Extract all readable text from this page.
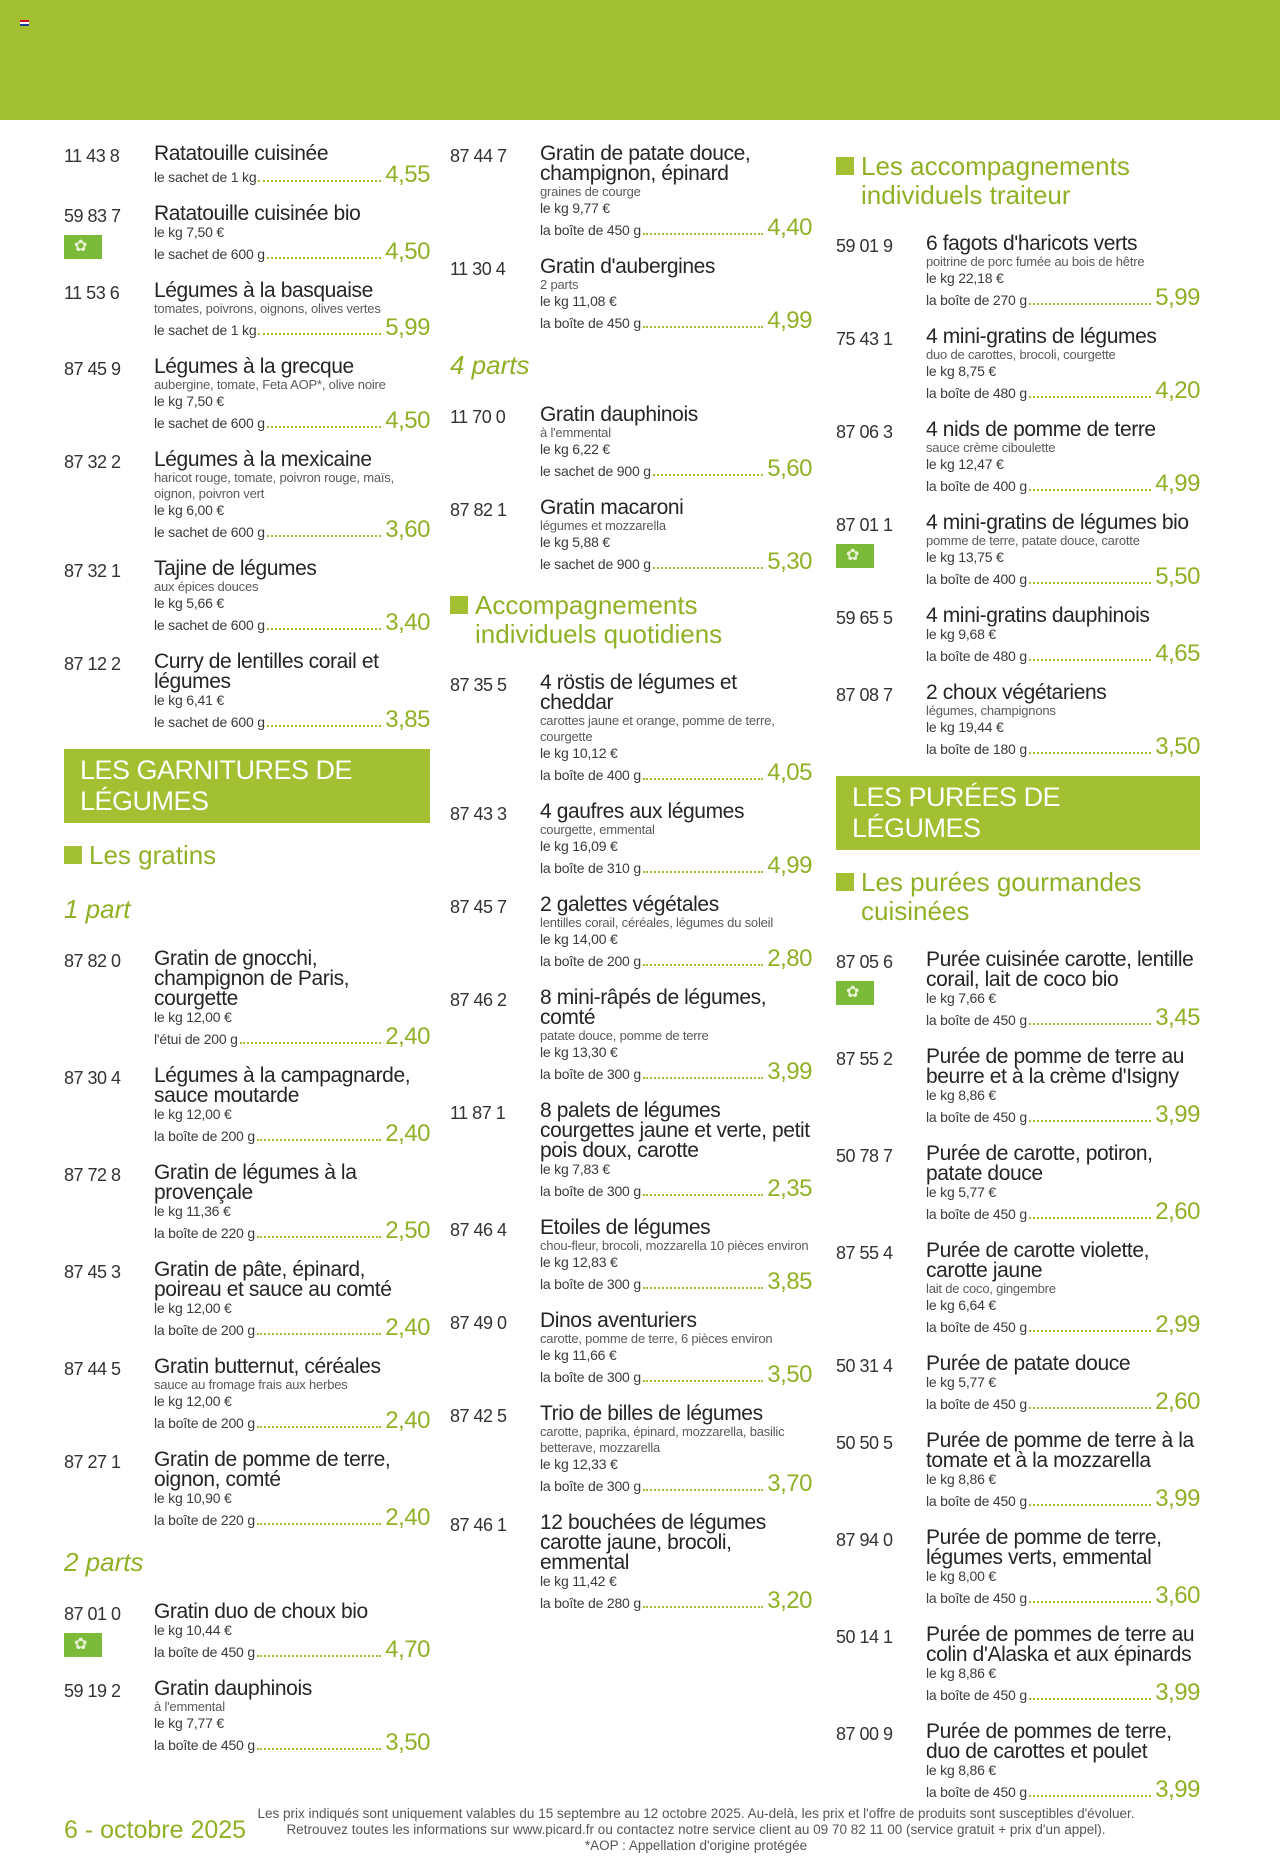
11 43 8	Ratatouille cuisinée
le sachet de 1 kg	4,55
59 83 7
✿	Ratatouille cuisinée bio
le kg 7,50 €
le sachet de 600 g	4,50
11 53 6	Légumes à la basquaise
tomates, poivrons, oignons, olives vertes
le sachet de 1 kg	5,99
87 45 9	Légumes à la grecque
aubergine, tomate, Feta AOP*, olive noire
le kg 7,50 €
le sachet de 600 g	4,50
87 32 2	Légumes à la mexicaine
haricot rouge, tomate, poivron rouge, maïs, oignon, poivron vert
le kg 6,00 €
le sachet de 600 g	3,60
87 32 1	Tajine de légumes
aux épices douces
le kg 5,66 €
le sachet de 600 g	3,40
87 12 2	Curry de lentilles corail et légumes
le kg 6,41 €
le sachet de 600 g	3,85
LES GARNITURES DE LÉGUMES
Les gratins
1 part
87 82 0	Gratin de gnocchi, champignon de Paris, courgette
le kg 12,00 €
l'étui de 200 g	2,40
87 30 4	Légumes à la campagnarde, sauce moutarde
le kg 12,00 €
la boîte de 200 g	2,40
87 72 8	Gratin de légumes à la provençale
le kg 11,36 €
la boîte de 220 g	2,50
87 45 3	Gratin de pâte, épinard, poireau et sauce au comté
le kg 12,00 €
la boîte de 200 g	2,40
87 44 5	Gratin butternut, céréales
sauce au fromage frais aux herbes
le kg 12,00 €
la boîte de 200 g	2,40
87 27 1	Gratin de pomme de terre, oignon, comté
le kg 10,90 €
la boîte de 220 g	2,40
2 parts
87 01 0
✿	Gratin duo de choux bio
le kg 10,44 €
la boîte de 450 g	4,70
59 19 2	Gratin dauphinois
à l'emmental
le kg 7,77 €
la boîte de 450 g	3,50
87 44 7	Gratin de patate douce, champignon, épinard
graines de courge
le kg 9,77 €
la boîte de 450 g	4,40
11 30 4	Gratin d'aubergines
2 parts
le kg 11,08 €
la boîte de 450 g	4,99
4 parts
11 70 0	Gratin dauphinois
à l'emmental
le kg 6,22 €
le sachet de 900 g	5,60
87 82 1	Gratin macaroni
légumes et mozzarella
le kg 5,88 €
le sachet de 900 g	5,30
Accompagnements individuels quotidiens
87 35 5	4 röstis de légumes et cheddar
carottes jaune et orange, pomme de terre, courgette
le kg 10,12 €
la boîte de 400 g	4,05
87 43 3	4 gaufres aux légumes
courgette, emmental
le kg 16,09 €
la boîte de 310 g	4,99
87 45 7	2 galettes végétales
lentilles corail, céréales, légumes du soleil
le kg 14,00 €
la boîte de 200 g	2,80
87 46 2	8 mini-râpés de légumes, comté
patate douce, pomme de terre
le kg 13,30 €
la boîte de 300 g	3,99
11 87 1	8 palets de légumes courgettes jaune et verte, petit pois doux, carotte
le kg 7,83 €
la boîte de 300 g	2,35
87 46 4	Etoiles de légumes
chou-fleur, brocoli, mozzarella 10 pièces environ
le kg 12,83 €
la boîte de 300 g	3,85
87 49 0	Dinos aventuriers
carotte, pomme de terre, 6 pièces environ
le kg 11,66 €
la boîte de 300 g	3,50
87 42 5	Trio de billes de légumes
carotte, paprika, épinard, mozzarella, basilic betterave, mozzarella
le kg 12,33 €
la boîte de 300 g	3,70
87 46 1	12 bouchées de légumes carotte jaune, brocoli, emmental
le kg 11,42 €
la boîte de 280 g	3,20
Les accompagnements individuels traiteur
59 01 9	6 fagots d'haricots verts
poitrine de porc fumée au bois de hêtre
le kg 22,18 €
la boîte de 270 g	5,99
75 43 1	4 mini-gratins de légumes
duo de carottes, brocoli, courgette
le kg 8,75 €
la boîte de 480 g	4,20
87 06 3	4 nids de pomme de terre
sauce crème ciboulette
le kg 12,47 €
la boîte de 400 g	4,99
87 01 1
✿	4 mini-gratins de légumes bio
pomme de terre, patate douce, carotte
le kg 13,75 €
la boîte de 400 g	5,50
59 65 5	4 mini-gratins dauphinois
le kg 9,68 €
la boîte de 480 g	4,65
87 08 7	2 choux végétariens
légumes, champignons
le kg 19,44 €
la boîte de 180 g	3,50
LES PURÉES DE LÉGUMES
Les purées gourmandes cuisinées
87 05 6
✿	Purée cuisinée carotte, lentille corail, lait de coco bio
le kg 7,66 €
la boîte de 450 g	3,45
87 55 2	Purée de pomme de terre au beurre et à la crème d'Isigny
le kg 8,86 €
la boîte de 450 g	3,99
50 78 7	Purée de carotte, potiron, patate douce
le kg 5,77 €
la boîte de 450 g	2,60
87 55 4	Purée de carotte violette, carotte jaune
lait de coco, gingembre
le kg 6,64 €
la boîte de 450 g	2,99
50 31 4	Purée de patate douce
le kg 5,77 €
la boîte de 450 g	2,60
50 50 5	Purée de pomme de terre à la tomate et à la mozzarella
le kg 8,86 €
la boîte de 450 g	3,99
87 94 0	Purée de pomme de terre, légumes verts, emmental
le kg 8,00 €
la boîte de 450 g	3,60
50 14 1	Purée de pommes de terre au colin d'Alaska et aux épinards
le kg 8,86 €
la boîte de 450 g	3,99
87 00 9	Purée de pommes de terre, duo de carottes et poulet
le kg 8,86 €
la boîte de 450 g	3,99
6 - octobre 2025
Les prix indiqués sont uniquement valables du 15 septembre au 12 octobre 2025. Au-delà, les prix et l'offre de produits sont susceptibles d'évoluer.
Retrouvez toutes les informations sur www.picard.fr ou contactez notre service client au 09 70 82 11 00 (service gratuit + prix d'un appel).
*AOP : Appellation d'origine protégée
